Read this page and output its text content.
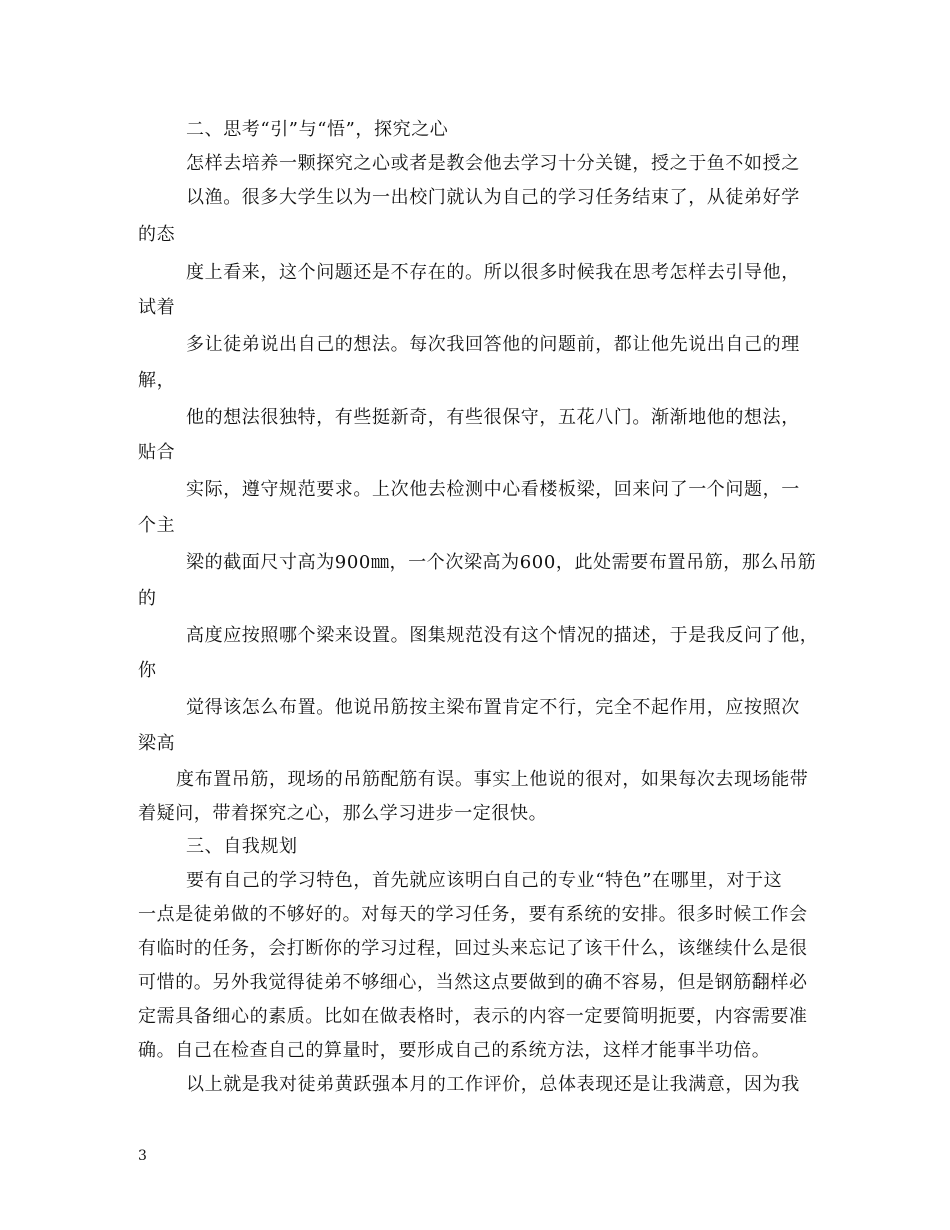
二、思考“引”与“悟”，探究之心
怎样去培养一颗探究之心或者是教会他去学习十分关键，授之于鱼不如授之
以渔。很多大学生以为一出校门就认为自己的学习任务结束了，从徒弟好学
的态
度上看来，这个问题还是不存在的。所以很多时候我在思考怎样去引导他，
试着
多让徒弟说出自己的想法。每次我回答他的问题前，都让他先说出自己的理
解，
他的想法很独特，有些挺新奇，有些很保守，五花八门。渐渐地他的想法，
贴合
实际，遵守规范要求。上次他去检测中心看楼板梁，回来问了一个问题，一
个主
梁的截面尺寸高为900㎜，一个次梁高为600，此处需要布置吊筋，那么吊筋
的
高度应按照哪个梁来设置。图集规范没有这个情况的描述，于是我反问了他，
你
觉得该怎么布置。他说吊筋按主梁布置肯定不行，完全不起作用，应按照次
梁高
度布置吊筋，现场的吊筋配筋有误。事实上他说的很对，如果每次去现场能带
着疑问，带着探究之心，那么学习进步一定很快。
三、自我规划
要有自己的学习特色，首先就应该明白自己的专业“特色”在哪里，对于这
一点是徒弟做的不够好的。对每天的学习任务，要有系统的安排。很多时候工作会
有临时的任务，会打断你的学习过程，回过头来忘记了该干什么，该继续什么是很
可惜的。另外我觉得徒弟不够细心，当然这点要做到的确不容易，但是钢筋翻样必
定需具备细心的素质。比如在做表格时，表示的内容一定要简明扼要，内容需要准
确。自己在检查自己的算量时，要形成自己的系统方法，这样才能事半功倍。
以上就是我对徒弟黄跃强本月的工作评价，总体表现还是让我满意，因为我
3
